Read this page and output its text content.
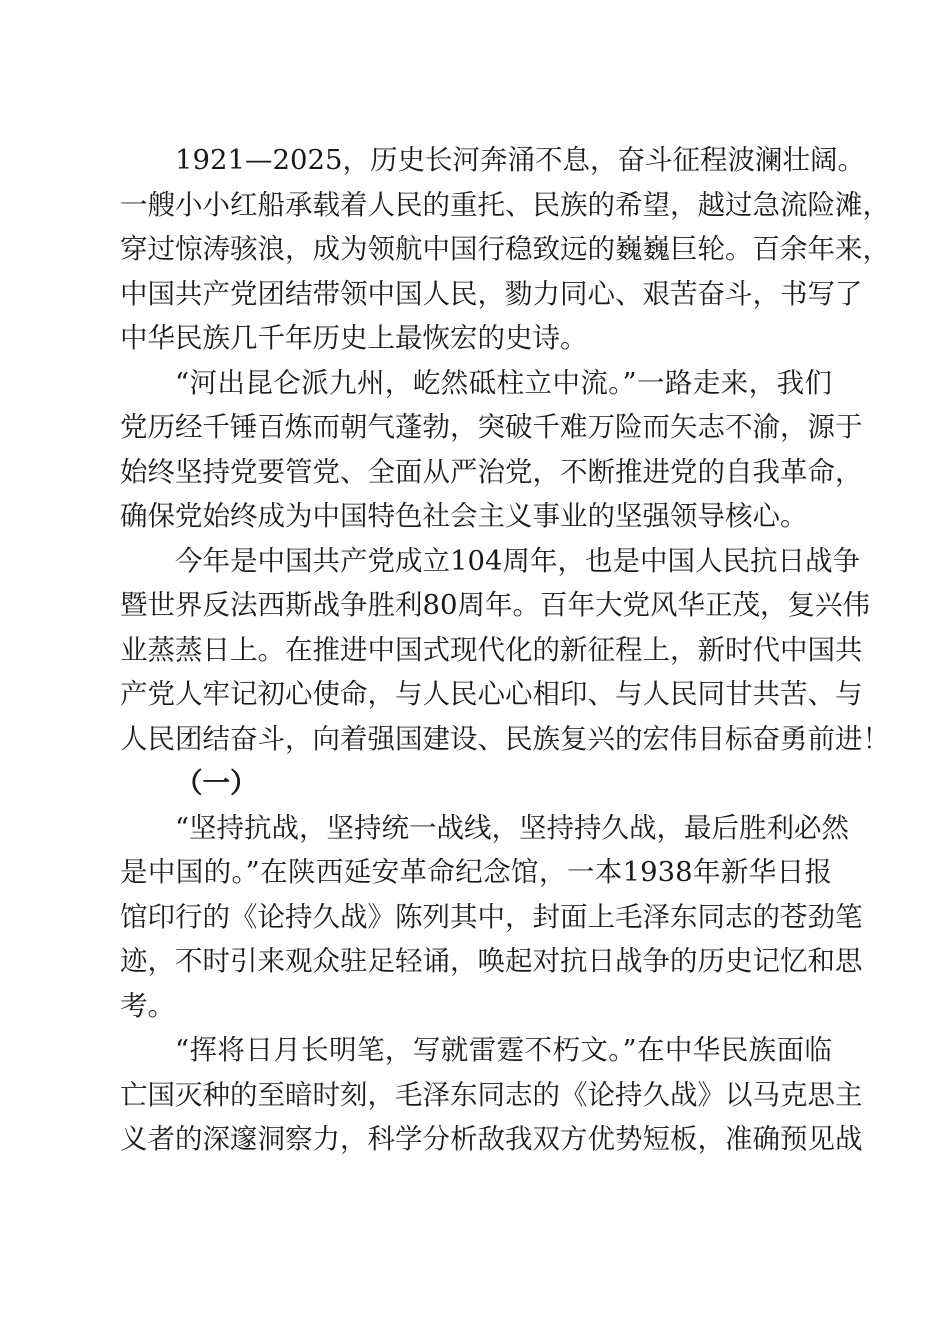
1921—2025，历史长河奔涌不息，奋斗征程波澜壮阔。
一艘小小红船承载着人民的重托、民族的希望，越过急流险滩，
穿过惊涛骇浪，成为领航中国行稳致远的巍巍巨轮。百余年来，
中国共产党团结带领中国人民，勠力同心、艰苦奋斗，书写了
中华民族几千年历史上最恢宏的史诗。
“河出昆仑派九州，屹然砥柱立中流。”一路走来，我们
党历经千锤百炼而朝气蓬勃，突破千难万险而矢志不渝，源于
始终坚持党要管党、全面从严治党，不断推进党的自我革命，
确保党始终成为中国特色社会主义事业的坚强领导核心。
今年是中国共产党成立104周年，也是中国人民抗日战争
暨世界反法西斯战争胜利80周年。百年大党风华正茂，复兴伟
业蒸蒸日上。在推进中国式现代化的新征程上，新时代中国共
产党人牢记初心使命，与人民心心相印、与人民同甘共苦、与
人民团结奋斗，向着强国建设、民族复兴的宏伟目标奋勇前进！
（一）
“坚持抗战，坚持统一战线，坚持持久战，最后胜利必然
是中国的。”在陕西延安革命纪念馆，一本1938年新华日报
馆印行的《论持久战》陈列其中，封面上毛泽东同志的苍劲笔
迹，不时引来观众驻足轻诵，唤起对抗日战争的历史记忆和思
考。
“挥将日月长明笔，写就雷霆不朽文。”在中华民族面临
亡国灭种的至暗时刻，毛泽东同志的《论持久战》以马克思主
义者的深邃洞察力，科学分析敌我双方优势短板，准确预见战
